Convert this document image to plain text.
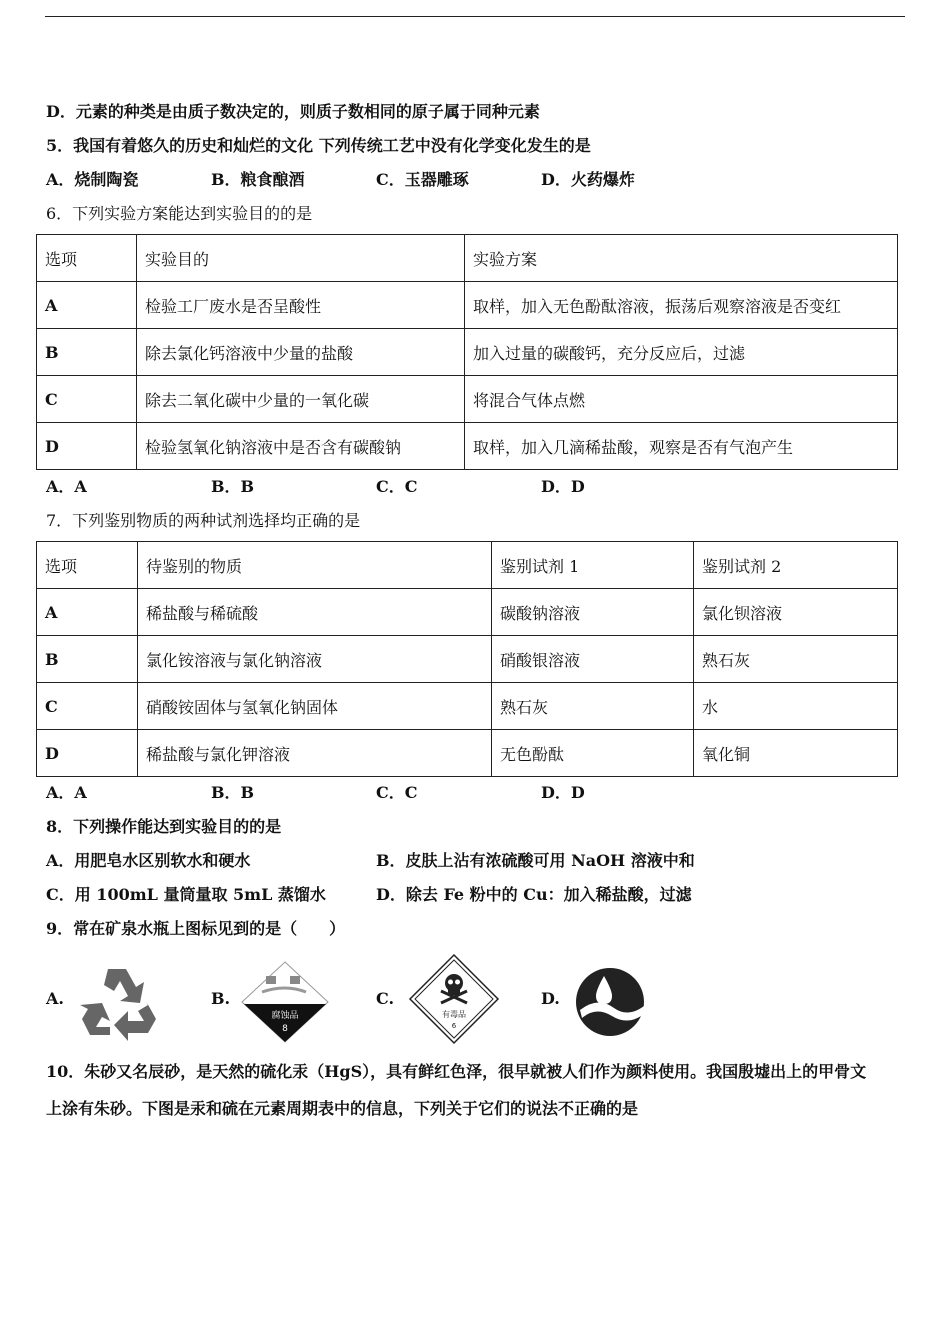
D．元素的种类是由质子数决定的，则质子数相同的原子属于同种元素
5．我国有着悠久的历史和灿烂的文化 下列传统工艺中没有化学变化发生的是
A．烧制陶瓷	B．粮食酿酒	C．玉器雕琢	D．火药爆炸
6．下列实验方案能达到实验目的的是
选项	实验目的	实验方案
A	检验工厂废水是否呈酸性	取样，加入无色酚酞溶液，振荡后观察溶液是否变红
B	除去氯化钙溶液中少量的盐酸	加入过量的碳酸钙，充分反应后，过滤
C	除去二氧化碳中少量的一氧化碳	将混合气体点燃
D	检验氢氧化钠溶液中是否含有碳酸钠	取样，加入几滴稀盐酸，观察是否有气泡产生
A．A	B．B	C．C	D．D
7．下列鉴别物质的两种试剂选择均正确的是
选项	待鉴别的物质	鉴别试剂 1	鉴别试剂 2
A	稀盐酸与稀硫酸	碳酸钠溶液	氯化钡溶液
B	氯化铵溶液与氯化钠溶液	硝酸银溶液	熟石灰
C	硝酸铵固体与氢氧化钠固体	熟石灰	水
D	稀盐酸与氯化钾溶液	无色酚酞	氧化铜
A．A	B．B	C．C	D．D
8．下列操作能达到实验目的的是
A．用肥皂水区别软水和硬水	B．皮肤上沾有浓硫酸可用 NaOH 溶液中和
C．用 100mL 量筒量取 5mL 蒸馏水	D．除去 Fe 粉中的 Cu：加入稀盐酸，过滤
9．常在矿泉水瓶上图标见到的是（　　）
A.	B.
腐蚀品
8
C.
有毒品
6
D.
10．朱砂又名辰砂，是天然的硫化汞（HgS），具有鲜红色泽，很早就被人们作为颜料使用。我国殷墟出上的甲骨文
上涂有朱砂。下图是汞和硫在元素周期表中的信息，下列关于它们的说法不正确的是
